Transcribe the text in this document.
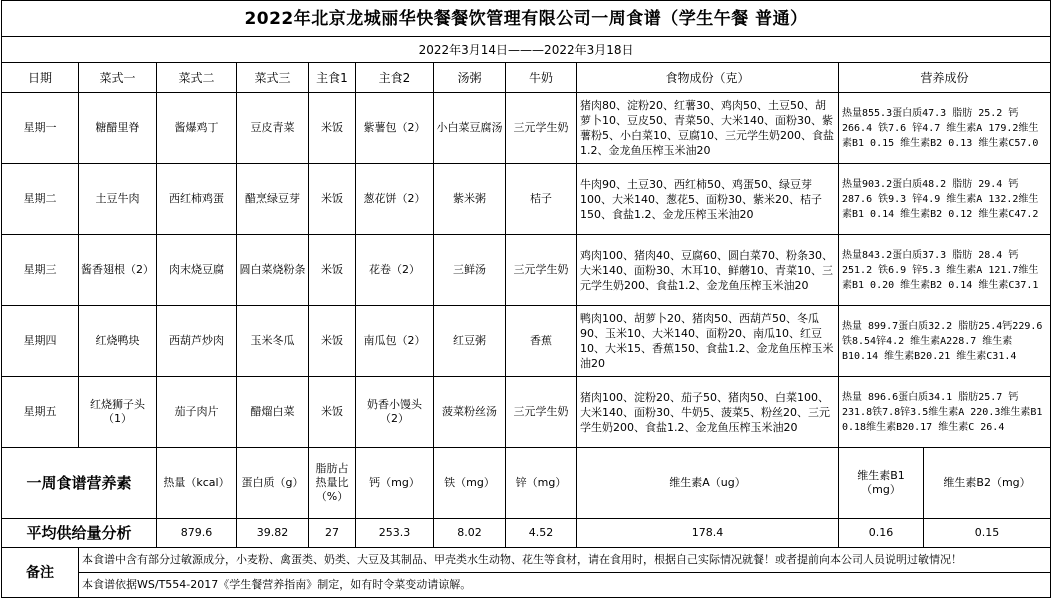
2022年北京龙城丽华快餐餐饮管理有限公司一周食谱（学生午餐 普通）											
2022年3月14日———2022年3月18日											
日期	菜式一	菜式二	菜式三	主食1	主食2	汤粥	牛奶	食物成份（克）	营养成份		
星期一	糖醋里脊	酱爆鸡丁	豆皮青菜	米饭	紫薯包（2）	小白菜豆腐汤	三元学生奶	猪肉80、淀粉20、红薯30、鸡肉50、土豆50、胡萝卜10、豆皮50、青菜50、大米140、面粉30、紫薯粉5、小白菜10、豆腐10、三元学生奶200、食盐1.2、金龙鱼压榨玉米油20	热量855.3蛋白质47.3 脂肪 25.2 钙266.4 铁7.6 锌4.7 维生素A 179.2维生素B1 0.15 维生素B2 0.13 维生素C57.0		
星期二	土豆牛肉	西红柿鸡蛋	醋烹绿豆芽	米饭	葱花饼（2）	紫米粥	桔子	牛肉90、土豆30、西红柿50、鸡蛋50、绿豆芽100、大米140、葱花5、面粉30、紫米20、桔子150、食盐1.2、金龙压榨玉米油20	热量903.2蛋白质48.2 脂肪 29.4 钙287.6 铁9.3 锌4.9 维生素A 132.2维生素B1 0.14 维生素B2 0.12 维生素C47.2		
星期三	酱香翅根（2）	肉末烧豆腐	圆白菜烧粉条	米饭	花卷（2）	三鲜汤	三元学生奶	鸡肉100、猪肉40、豆腐60、圆白菜70、粉条30、大米140、面粉30、木耳10、鲜蘑10、青菜10、三元学生奶200、食盐1.2、金龙鱼压榨玉米油20	热量843.2蛋白质37.3 脂肪 28.4 钙251.2 铁6.9 锌5.3 维生素A 121.7维生素B1 0.20 维生素B2 0.14 维生素C37.1		
星期四	红烧鸭块	西葫芦炒肉	玉米冬瓜	米饭	南瓜包（2）	红豆粥	香蕉	鸭肉100、胡萝卜20、猪肉50、西葫芦50、冬瓜90、玉米10、大米140、面粉20、南瓜10、红豆10、大米15、香蕉150、食盐1.2、金龙鱼压榨玉米油20	热量 899.7蛋白质32.2 脂肪25.4钙229.6铁8.54锌4.2 维生素A228.7 维生素B10.14 维生素B20.21 维生素C31.4		
星期五	红烧狮子头（1）	茄子肉片	醋熘白菜	米饭	奶香小馒头（2）	菠菜粉丝汤	三元学生奶	猪肉100、淀粉20、茄子50、猪肉50、白菜100、大米140、面粉30、牛奶5、菠菜5、粉丝20、三元学生奶200、食盐1.2、金龙鱼压榨玉米油20	热量 896.6蛋白质34.1 脂肪25.7 钙231.8铁7.8锌3.5维生素A 220.3维生素B1 0.18维生素B20.17 维生素C 26.4		
一周食谱营养素		热量（kcal）	蛋白质（g）	脂肪占热量比（%）	钙（mg）	铁（mg）	锌（mg）	维生素A（ug）	维生素B1（mg）	维生素B2（mg）	
平均供给量分析		879.6	39.82	27	253.3	8.02	4.52	178.4	0.16	0.15	
备注	本食谱中含有部分过敏源成分，小麦粉、禽蛋类、奶类、大豆及其制品、甲壳类水生动物、花生等食材，请在食用时，根据自己实际情况就餐！或者提前向本公司人员说明过敏情况！										
	本食谱依据WS/T554-2017《学生餐营养指南》制定，如有时令菜变动请谅解。										
